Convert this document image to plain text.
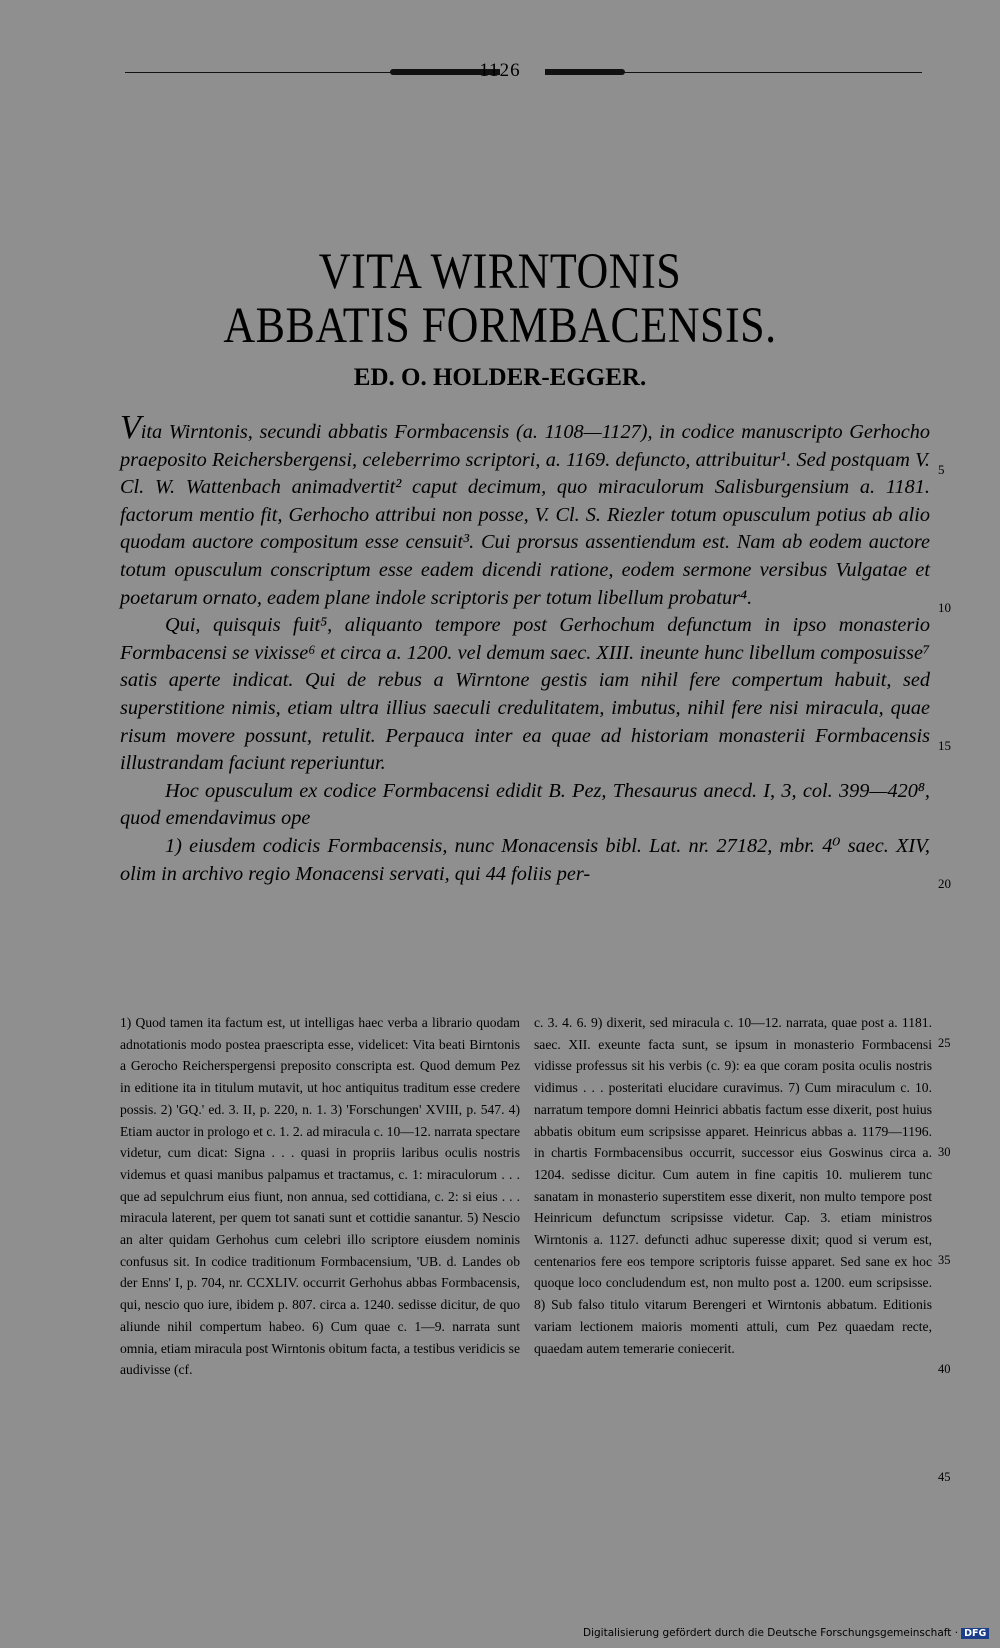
1126
VITA WIRNTONIS
ABBATIS FORMBACENSIS.
ED. O. HOLDER-EGGER.

Vita Wirntonis, secundi abbatis Formbacensis (a. 1108—1127), in codice manuscripto Gerhocho praeposito Reichersbergensi, celeberrimo scriptori, a. 1169. defuncto, attribuitur¹. Sed postquam V. Cl. W. Wattenbach animadvertit² caput decimum, quo miraculorum Salisburgensium a. 1181. factorum mentio fit, Gerhocho attribui non posse, V. Cl. S. Riezler totum opusculum potius ab alio quodam auctore compositum esse censuit³. Cui prorsus assentiendum est. Nam ab eodem auctore totum opusculum conscriptum esse eadem dicendi ratione, eodem sermone versibus Vulgatae et poetarum ornato, eadem plane indole scriptoris per totum libellum probatur⁴.

Qui, quisquis fuit⁵, aliquanto tempore post Gerhochum defunctum in ipso monasterio Formbacensi se vixisse⁶ et circa a. 1200. vel demum saec. XIII. ineunte hunc libellum composuisse⁷ satis aperte indicat. Qui de rebus a Wirntone gestis iam nihil fere compertum habuit, sed superstitione nimis, etiam ultra illius saeculi credulitatem, imbutus, nihil fere nisi miracula, quae risum movere possunt, retulit. Perpauca inter ea quae ad historiam monasterii Formbacensis illustrandam faciunt reperiuntur.

Hoc opusculum ex codice Formbacensi edidit B. Pez, Thesaurus anecd. I, 3, col. 399—420⁸, quod emendavimus ope

1) eiusdem codicis Formbacensis, nunc Monacensis bibl. Lat. nr. 27182, mbr. 4⁰ saec. XIV, olim in archivo regio Monacensi servati, qui 44 foliis per-

5
10
15
20
1) Quod tamen ita factum est, ut intelligas haec verba a librario quodam adnotationis modo postea praescripta esse, videlicet: Vita beati Birntonis a Gerocho Reicherspergensi preposito conscripta est. Quod demum Pez in editione ita in titulum mutavit, ut hoc antiquitus traditum esse credere possis. 2) 'GQ.' ed. 3. II, p. 220, n. 1. 3) 'Forschungen' XVIII, p. 547. 4) Etiam auctor in prologo et c. 1. 2. ad miracula c. 10—12. narrata spectare videtur, cum dicat: Signa . . . quasi in propriis laribus oculis nostris videmus et quasi manibus palpamus et tractamus, c. 1: miraculorum . . . que ad sepulchrum eius fiunt, non annua, sed cottidiana, c. 2: si eius . . . miracula laterent, per quem tot sanati sunt et cottidie sanantur. 5) Nescio an alter quidam Gerhohus cum celebri illo scriptore eiusdem nominis confusus sit. In codice traditionum Formbacensium, 'UB. d. Landes ob der Enns' I, p. 704, nr. CCXLIV. occurrit Gerhohus abbas Formbacensis, qui, nescio quo iure, ibidem p. 807. circa a. 1240. sedisse dicitur, de quo aliunde nihil compertum habeo. 6) Cum quae c. 1—9. narrata sunt omnia, etiam miracula post Wirntonis obitum facta, a testibus veridicis se audivisse (cf.
c. 3. 4. 6. 9) dixerit, sed miracula c. 10—12. narrata, quae post a. 1181. saec. XII. exeunte facta sunt, se ipsum in monasterio Formbacensi vidisse professus sit his verbis (c. 9): ea que coram posita oculis nostris vidimus . . . posteritati elucidare curavimus. 7) Cum miraculum c. 10. narratum tempore domni Heinrici abbatis factum esse dixerit, post huius abbatis obitum eum scripsisse apparet. Heinricus abbas a. 1179—1196. in chartis Formbacensibus occurrit, successor eius Goswinus circa a. 1204. sedisse dicitur. Cum autem in fine capitis 10. mulierem tunc sanatam in monasterio superstitem esse dixerit, non multo tempore post Heinricum defunctum scripsisse videtur. Cap. 3. etiam ministros Wirntonis a. 1127. defuncti adhuc superesse dixit; quod si verum est, centenarios fere eos tempore scriptoris fuisse apparet. Sed sane ex hoc quoque loco concludendum est, non multo post a. 1200. eum scripsisse. 8) Sub falso titulo vitarum Berengeri et Wirntonis abbatum. Editionis variam lectionem maioris momenti attuli, cum Pez quaedam recte, quaedam autem temerarie coniecerit.
25
30
35
40
45
Digitalisierung gefördert durch die Deutsche Forschungsgemeinschaft · DFG
